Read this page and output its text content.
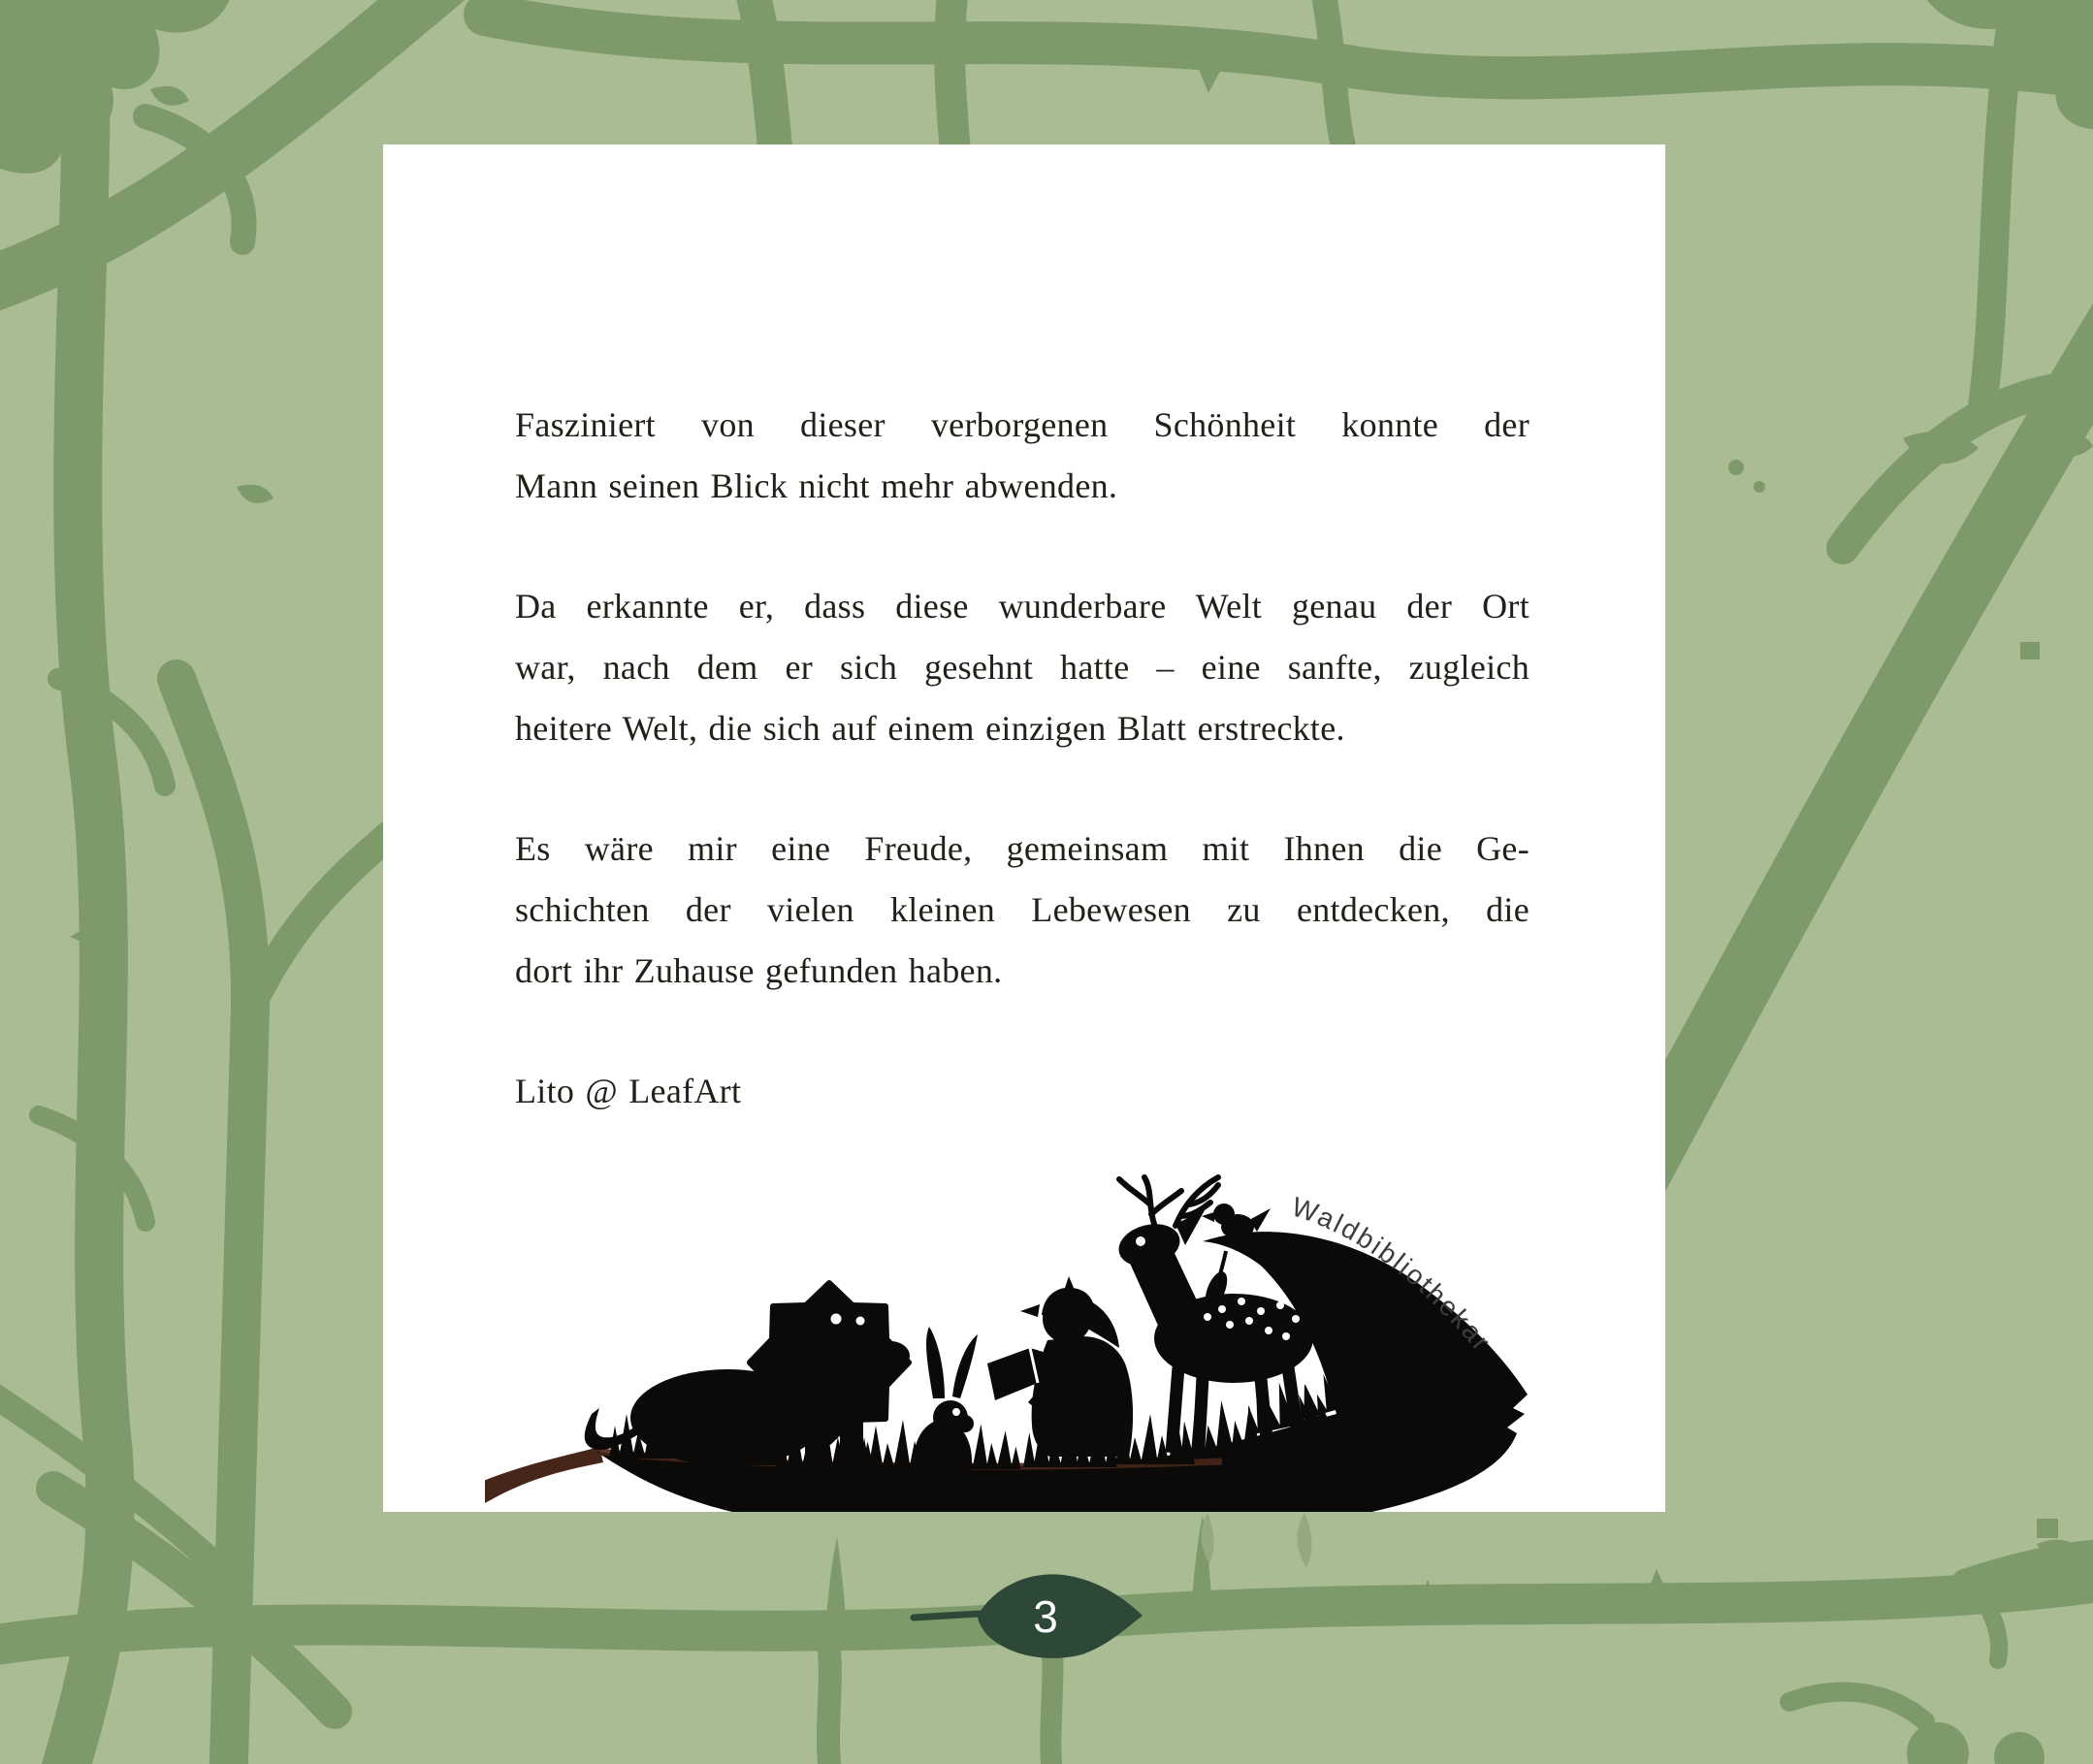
Fasziniert von dieser verborgenen Schönheit konnte der
Mann seinen Blick nicht mehr abwenden.
Da erkannte er, dass diese wunderbare Welt genau der Ort
war, nach dem er sich gesehnt hatte – eine sanfte, zugleich
heitere Welt, die sich auf einem einzigen Blatt erstreckte.
Es wäre mir eine Freude, gemeinsam mit Ihnen die Ge-
schichten der vielen kleinen Lebewesen zu entdecken, die
dort ihr Zuhause gefunden haben.
Lito @ LeafArt
Waldbibliothekar
3
